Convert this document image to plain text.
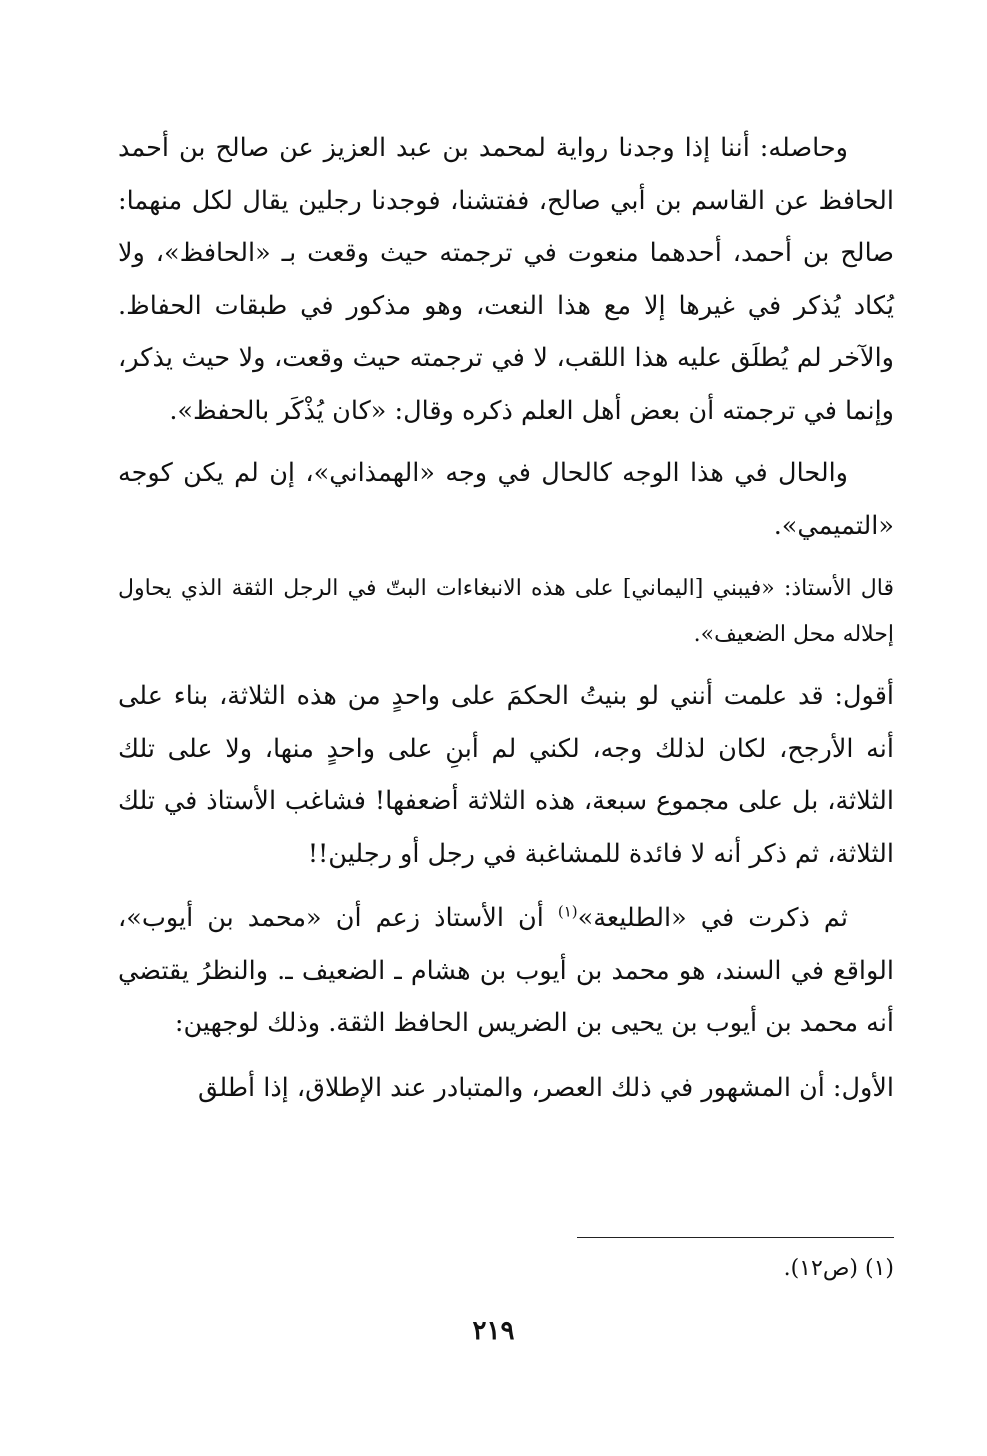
وحاصله: أننا إذا وجدنا رواية لمحمد بن عبد العزيز عن صالح بن أحمد الحافظ عن القاسم بن أبي صالح، ففتشنا، فوجدنا رجلين يقال لكل منهما: صالح بن أحمد، أحدهما منعوت في ترجمته حيث وقعت بـ «الحافظ»، ولا يُكاد يُذكر في غيرها إلا مع هذا النعت، وهو مذكور في طبقات الحفاظ. والآخر لم يُطلَق عليه هذا اللقب، لا في ترجمته حيث وقعت، ولا حيث يذكر، وإنما في ترجمته أن بعض أهل العلم ذكره وقال: «كان يُذْكَر بالحفظ».

والحال في هذا الوجه كالحال في وجه «الهمذاني»، إن لم يكن كوجه «التميمي».

قال الأستاذ: «فيبني [اليماني] على هذه الانبغاءات البتّ في الرجل الثقة الذي يحاول إحلاله محل الضعيف».

أقول: قد علمت أنني لو بنيتُ الحكمَ على واحدٍ من هذه الثلاثة، بناء على أنه الأرجح، لكان لذلك وجه، لكني لم أبنِ على واحدٍ منها، ولا على تلك الثلاثة، بل على مجموع سبعة، هذه الثلاثة أضعفها! فشاغب الأستاذ في تلك الثلاثة، ثم ذكر أنه لا فائدة للمشاغبة في رجل أو رجلين!!

ثم ذكرت في «الطليعة»$^{(١)}$ أن الأستاذ زعم أن «محمد بن أيوب»، الواقع في السند، هو محمد بن أيوب بن هشام ـ الضعيف ـ. والنظرُ يقتضي أنه محمد بن أيوب بن يحيى بن الضريس الحافظ الثقة. وذلك لوجهين:

الأول: أن المشهور في ذلك العصر، والمتبادر عند الإطلاق، إذا أطلق

(١) (ص١٢).
٢١٩
